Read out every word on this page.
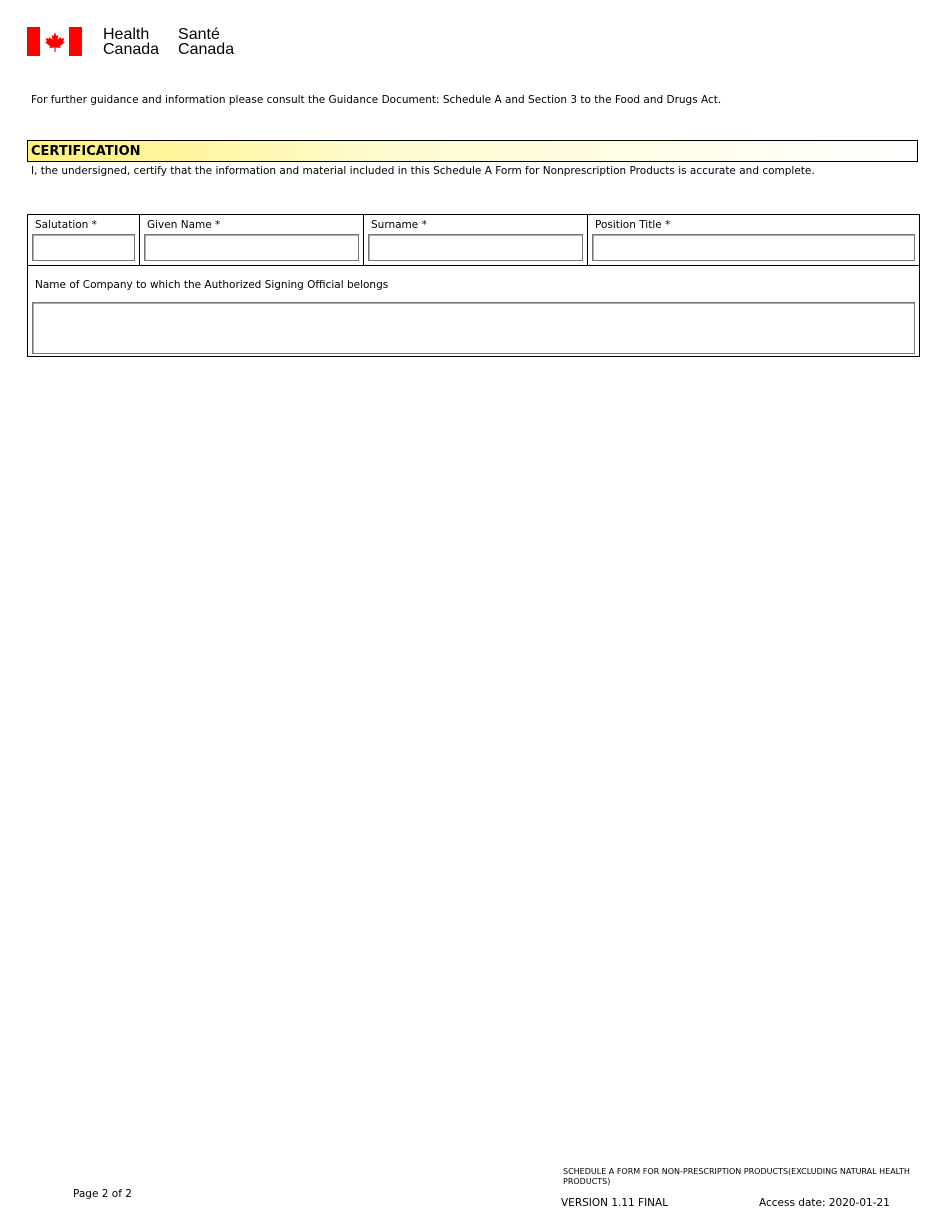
Health
Canada
Santé
Canada
For further guidance and information please consult the Guidance Document: Schedule A and Section 3 to the Food and Drugs Act.
CERTIFICATION
I, the undersigned, certify that the information and material included in this Schedule A Form for Nonprescription Products is accurate and complete.
Salutation *	Given Name *	Surname *	Position Title *
Name of Company to which the Authorized Signing Official belongs
Page 2 of 2
SCHEDULE A FORM FOR NON-PRESCRIPTION PRODUCTS(EXCLUDING NATURAL HEALTH PRODUCTS)
VERSION 1.11 FINAL	Access date: 2020-01-21
